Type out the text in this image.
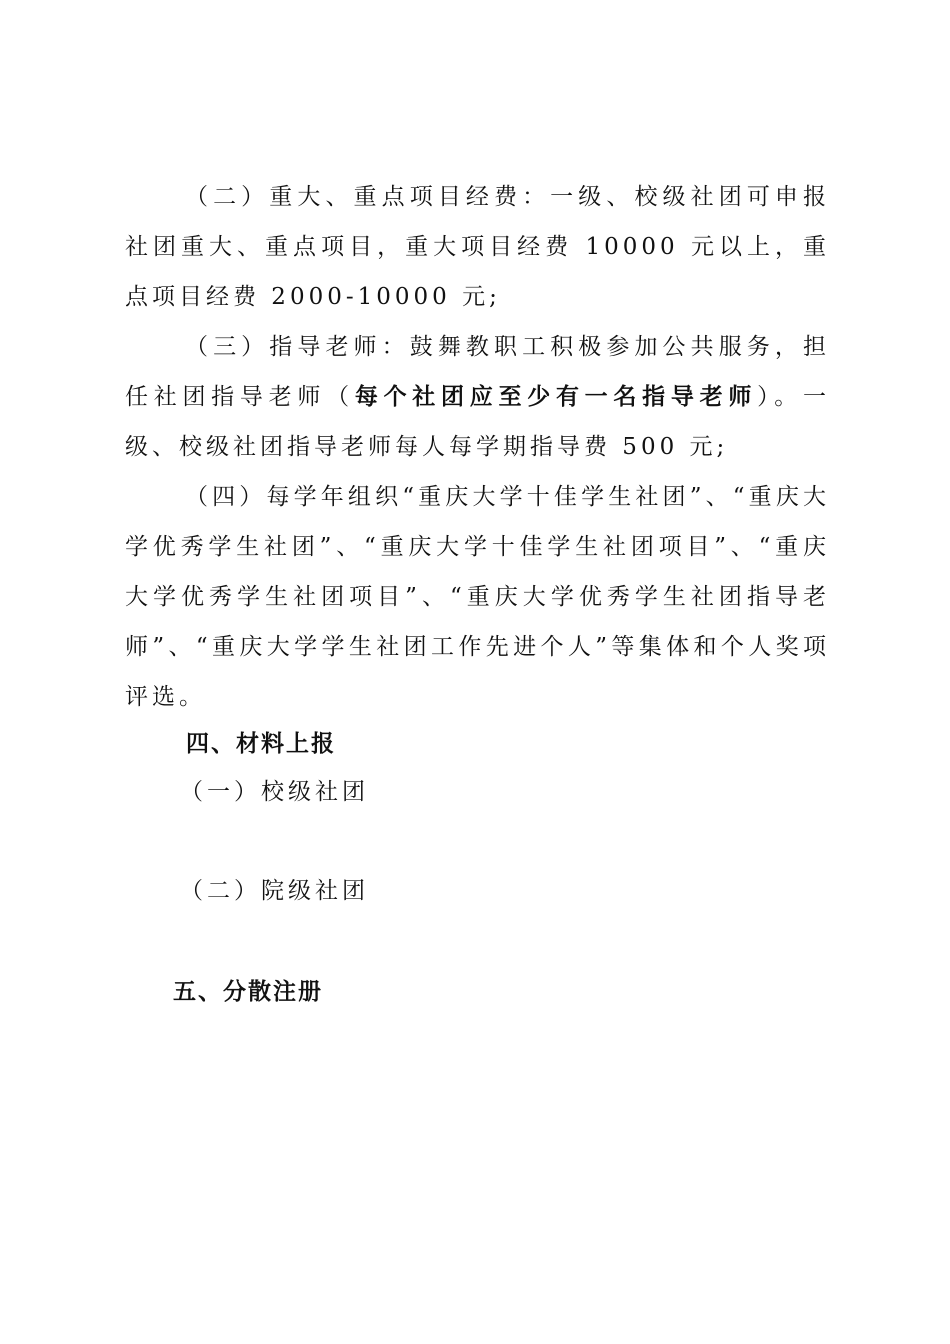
（二）重大、重点项目经费：一级、校级社团可申报社团重大、重点项目，重大项目经费 10000 元以上，重点项目经费 2000-10000 元;

（三）指导老师：鼓舞教职工积极参加公共服务，担任社团指导老师（每个社团应至少有一名指导老师）。一级、校级社团指导老师每人每学期指导费 500 元;

（四）每学年组织“重庆大学十佳学生社团”、“重庆大学优秀学生社团”、“重庆大学十佳学生社团项目”、“重庆大学优秀学生社团项目”、“重庆大学优秀学生社团指导老师”、“重庆大学学生社团工作先进个人”等集体和个人奖项评选。

四、材料上报
（一）校级社团
（二）院级社团
五、分散注册
